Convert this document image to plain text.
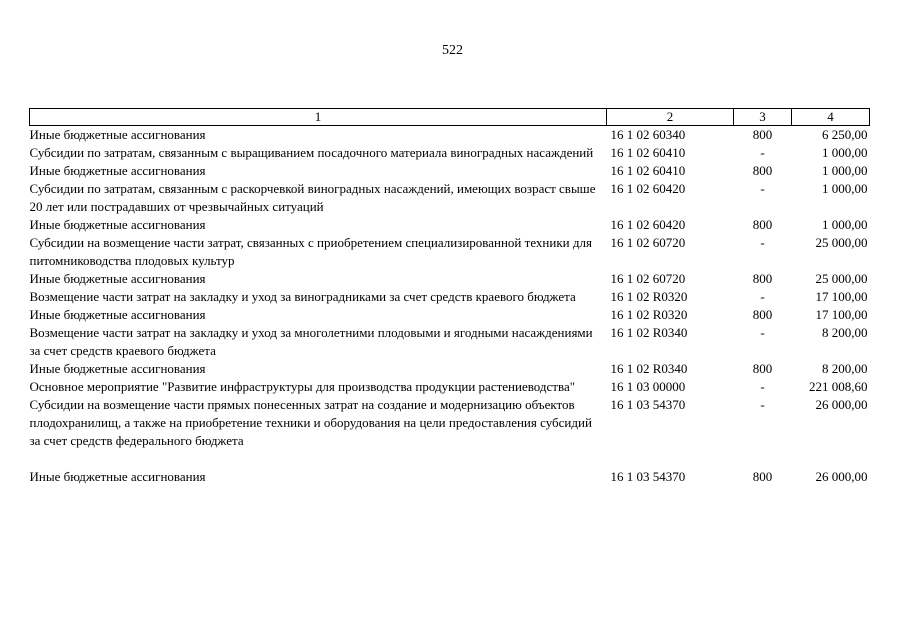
522
1	2	3	4
Иные бюджетные ассигнования	16 1 02 60340	800	6 250,00
Субсидии по затратам, связанным с выращиванием посадочного материала виноградных насаждений	16 1 02 60410	-	1 000,00
Иные бюджетные ассигнования	16 1 02 60410	800	1 000,00
Субсидии по затратам, связанным с раскорчевкой виноградных насаждений, имеющих возраст свыше 20 лет или пострадавших от чрезвычайных ситуаций	16 1 02 60420	-	1 000,00
Иные бюджетные ассигнования	16 1 02 60420	800	1 000,00
Субсидии на возмещение части затрат, связанных с приобретением специализированной техники для питомниководства плодовых культур	16 1 02 60720	-	25 000,00
Иные бюджетные ассигнования	16 1 02 60720	800	25 000,00
Возмещение части затрат на закладку и уход за виноградниками за счет средств краевого бюджета	16 1 02 R0320	-	17 100,00
Иные бюджетные ассигнования	16 1 02 R0320	800	17 100,00
Возмещение части затрат на закладку и уход за многолетними плодовыми и ягодными насаждениями за счет средств краевого бюджета	16 1 02 R0340	-	8 200,00
Иные бюджетные ассигнования	16 1 02 R0340	800	8 200,00
Основное мероприятие "Развитие инфраструктуры для производства продукции растениеводства"	16 1 03 00000	-	221 008,60
Субсидии на возмещение части прямых понесенных затрат на создание и модернизацию объектов плодохранилищ, а также на приобретение техники и оборудования на цели предоставления субсидий за счет средств федерального бюджета	16 1 03 54370	-	26 000,00
Иные бюджетные ассигнования	16 1 03 54370	800	26 000,00
